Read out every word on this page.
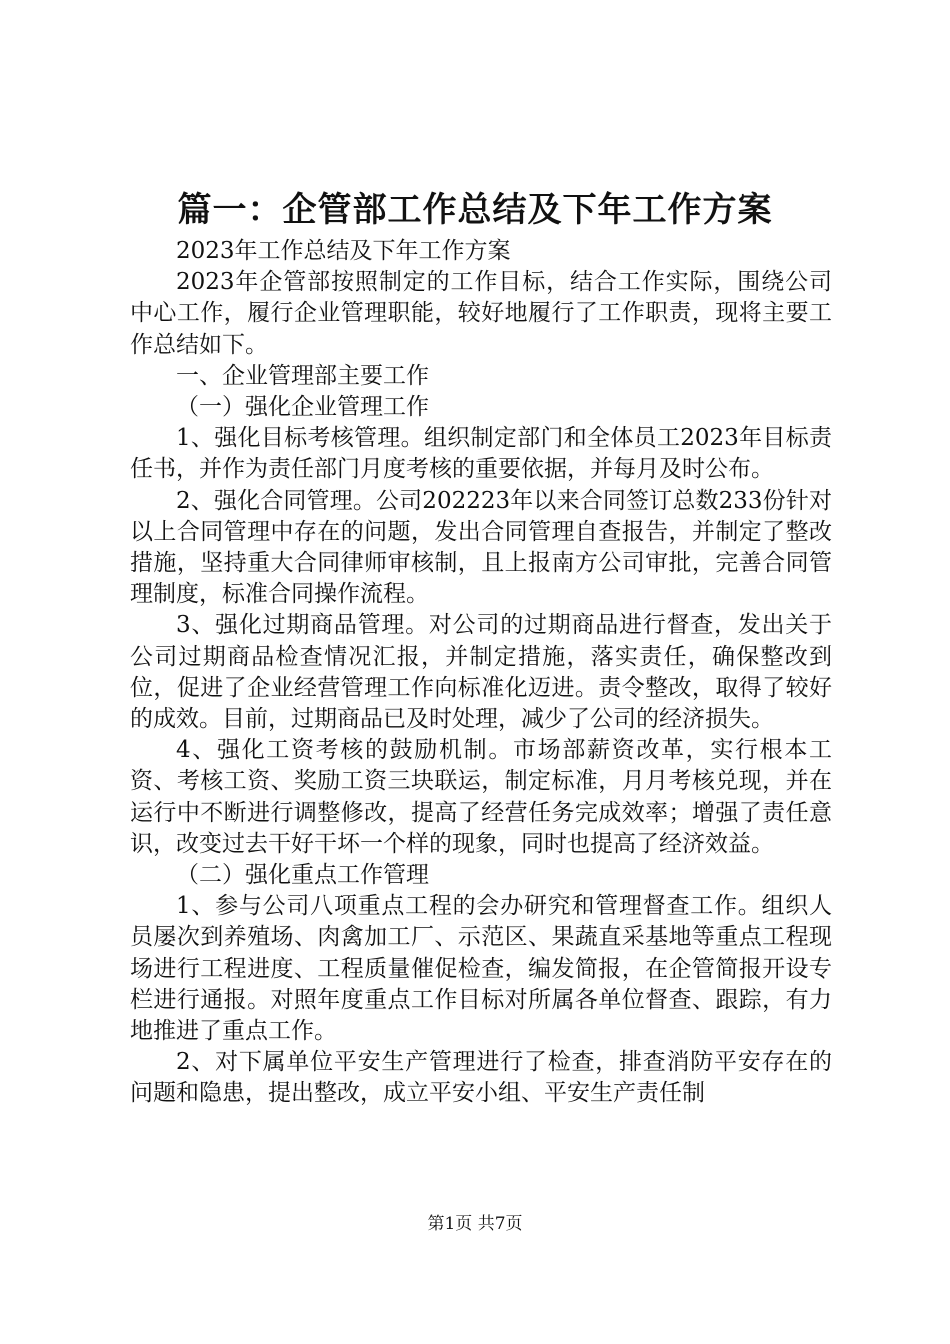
篇一：企管部工作总结及下年工作方案

2023年工作总结及下年工作方案

2023年企管部按照制定的工作目标，结合工作实际，围绕公司中心工作，履行企业管理职能，较好地履行了工作职责，现将主要工作总结如下。

一、企业管理部主要工作

（一）强化企业管理工作

1、强化目标考核管理。组织制定部门和全体员工2023年目标责任书，并作为责任部门月度考核的重要依据，并每月及时公布。

2、强化合同管理。公司202223年以来合同签订总数233份针对以上合同管理中存在的问题，发出合同管理自查报告，并制定了整改措施，坚持重大合同律师审核制，且上报南方公司审批，完善合同管理制度，标准合同操作流程。

3、强化过期商品管理。对公司的过期商品进行督查，发出关于公司过期商品检查情况汇报，并制定措施，落实责任，确保整改到位，促进了企业经营管理工作向标准化迈进。责令整改，取得了较好的成效。目前，过期商品已及时处理，减少了公司的经济损失。

4、强化工资考核的鼓励机制。市场部薪资改革，实行根本工资、考核工资、奖励工资三块联运，制定标准，月月考核兑现，并在运行中不断进行调整修改，提高了经营任务完成效率；增强了责任意识，改变过去干好干坏一个样的现象，同时也提高了经济效益。

（二）强化重点工作管理

1、参与公司八项重点工程的会办研究和管理督查工作。组织人员屡次到养殖场、肉禽加工厂、示范区、果蔬直采基地等重点工程现场进行工程进度、工程质量催促检查，编发简报，在企管简报开设专栏进行通报。对照年度重点工作目标对所属各单位督查、跟踪，有力地推进了重点工作。

2、对下属单位平安生产管理进行了检查，排查消防平安存在的问题和隐患，提出整改，成立平安小组、平安生产责任制

第1页 共7页
